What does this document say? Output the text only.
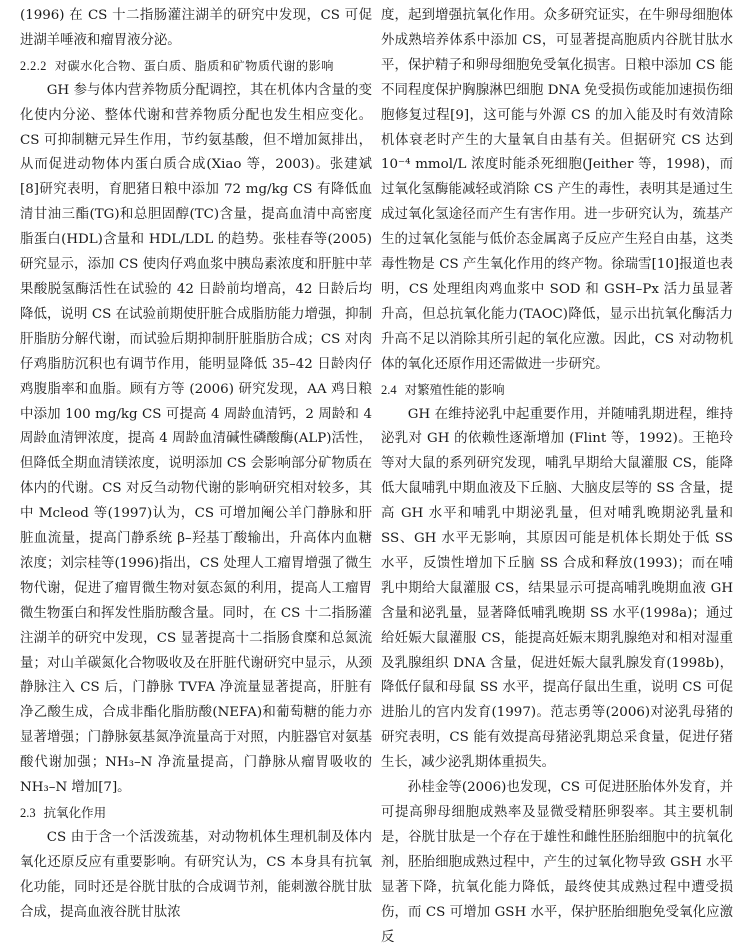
(1996) 在 CS 十二指肠灌注湖羊的研究中发现，CS 可促进湖羊唾液和瘤胃液分泌。

2.2.2 对碳水化合物、蛋白质、脂质和矿物质代谢的影响

GH 参与体内营养物质分配调控，其在机体内含量的变化使内分泌、整体代谢和营养物质分配也发生相应变化。CS 可抑制糖元异生作用，节约氨基酸，但不增加氮排出，从而促进动物体内蛋白质合成(Xiao 等，2003)。张建斌[8]研究表明，育肥猪日粮中添加 72 mg/kg CS 有降低血清甘油三酯(TG)和总胆固醇(TC)含量，提高血清中高密度脂蛋白(HDL)含量和 HDL/LDL 的趋势。张桂春等(2005)研究显示，添加 CS 使肉仔鸡血浆中胰岛素浓度和肝脏中苹果酸脱氢酶活性在试验的 42 日龄前均增高，42 日龄后均降低，说明 CS 在试验前期使肝脏合成脂肪能力增强，抑制肝脂肪分解代谢，而试验后期抑制肝脏脂肪合成；CS 对肉仔鸡脂肪沉积也有调节作用，能明显降低 35–42 日龄肉仔鸡腹脂率和血脂。顾有方等 (2006) 研究发现，AA 鸡日粮中添加 100 mg/kg CS 可提高 4 周龄血清钙，2 周龄和 4 周龄血清钾浓度，提高 4 周龄血清碱性磷酸酶(ALP)活性，但降低全期血清镁浓度，说明添加 CS 会影响部分矿物质在体内的代谢。CS 对反刍动物代谢的影响研究相对较多，其中 Mcleod 等(1997)认为，CS 可增加阉公羊门静脉和肝脏血流量，提高门静系统 β–羟基丁酸输出，升高体内血糖浓度；刘宗桂等(1996)指出，CS 处理人工瘤胃增强了微生物代谢，促进了瘤胃微生物对氨态氮的利用，提高人工瘤胃微生物蛋白和挥发性脂肪酸含量。同时，在 CS 十二指肠灌注湖羊的研究中发现，CS 显著提高十二指肠食糜和总氮流量；对山羊碳氮化合物吸收及在肝脏代谢研究中显示，从颈静脉注入 CS 后，门静脉 TVFA 净流量显著提高，肝脏有净乙酸生成，合成非酯化脂肪酸(NEFA)和葡萄糖的能力亦显著增强；门静脉氨基氮净流量高于对照，内脏器官对氨基酸代谢加强；NH₃–N 净流量提高，门静脉从瘤胃吸收的 NH₃–N 增加[7]。

2.3 抗氧化作用

CS 由于含一个活泼巯基，对动物机体生理机制及体内氧化还原反应有重要影响。有研究认为，CS 本身具有抗氧化功能，同时还是谷胱甘肽的合成调节剂，能刺激谷胱甘肽合成，提高血液谷胱甘肽浓

度，起到增强抗氧化作用。众多研究证实，在牛卵母细胞体外成熟培养体系中添加 CS，可显著提高胞质内谷胱甘肽水平，保护精子和卵母细胞免受氧化损害。日粮中添加 CS 能不同程度保护胸腺淋巴细胞 DNA 免受损伤或能加速损伤细胞修复过程[9]，这可能与外源 CS 的加入能及时有效清除机体衰老时产生的大量氧自由基有关。但据研究 CS 达到 10⁻⁴ mmol/L 浓度时能杀死细胞(Jeither 等，1998)，而过氧化氢酶能减轻或消除 CS 产生的毒性，表明其是通过生成过氧化氢途径而产生有害作用。进一步研究认为，巯基产生的过氧化氢能与低价态金属离子反应产生羟自由基，这类毒性物是 CS 产生氧化作用的终产物。徐瑞雪[10]报道也表明，CS 处理组肉鸡血浆中 SOD 和 GSH–Px 活力虽显著升高，但总抗氧化能力(TAOC)降低，显示出抗氧化酶活力升高不足以消除其所引起的氧化应激。因此，CS 对动物机体的氧化还原作用还需做进一步研究。

2.4 对繁殖性能的影响

GH 在维持泌乳中起重要作用，并随哺乳期进程，维持泌乳对 GH 的依赖性逐渐增加 (Flint 等，1992)。王艳玲等对大鼠的系列研究发现，哺乳早期给大鼠灌服 CS，能降低大鼠哺乳中期血液及下丘脑、大脑皮层等的 SS 含量，提高 GH 水平和哺乳中期泌乳量，但对哺乳晚期泌乳量和 SS、GH 水平无影响，其原因可能是机体长期处于低 SS 水平，反馈性增加下丘脑 SS 合成和释放(1993)；而在哺乳中期给大鼠灌服 CS，结果显示可提高哺乳晚期血液 GH 含量和泌乳量，显著降低哺乳晚期 SS 水平(1998a)；通过给妊娠大鼠灌服 CS，能提高妊娠末期乳腺绝对和相对湿重及乳腺组织 DNA 含量，促进妊娠大鼠乳腺发育(1998b)，降低仔鼠和母鼠 SS 水平，提高仔鼠出生重，说明 CS 可促进胎儿的宫内发育(1997)。范志勇等(2006)对泌乳母猪的研究表明，CS 能有效提高母猪泌乳期总采食量，促进仔猪生长，减少泌乳期体重损失。

孙桂金等(2006)也发现，CS 可促进胚胎体外发育，并可提高卵母细胞成熟率及显微受精胚卵裂率。其主要机制是，谷胱甘肽是一个存在于雄性和雌性胚胎细胞中的抗氧化剂，胚胎细胞成熟过程中，产生的过氧化物导致 GSH 水平显著下降，抗氧化能力降低，最终使其成熟过程中遭受损伤，而 CS 可增加 GSH 水平，保护胚胎细胞免受氧化应激反
